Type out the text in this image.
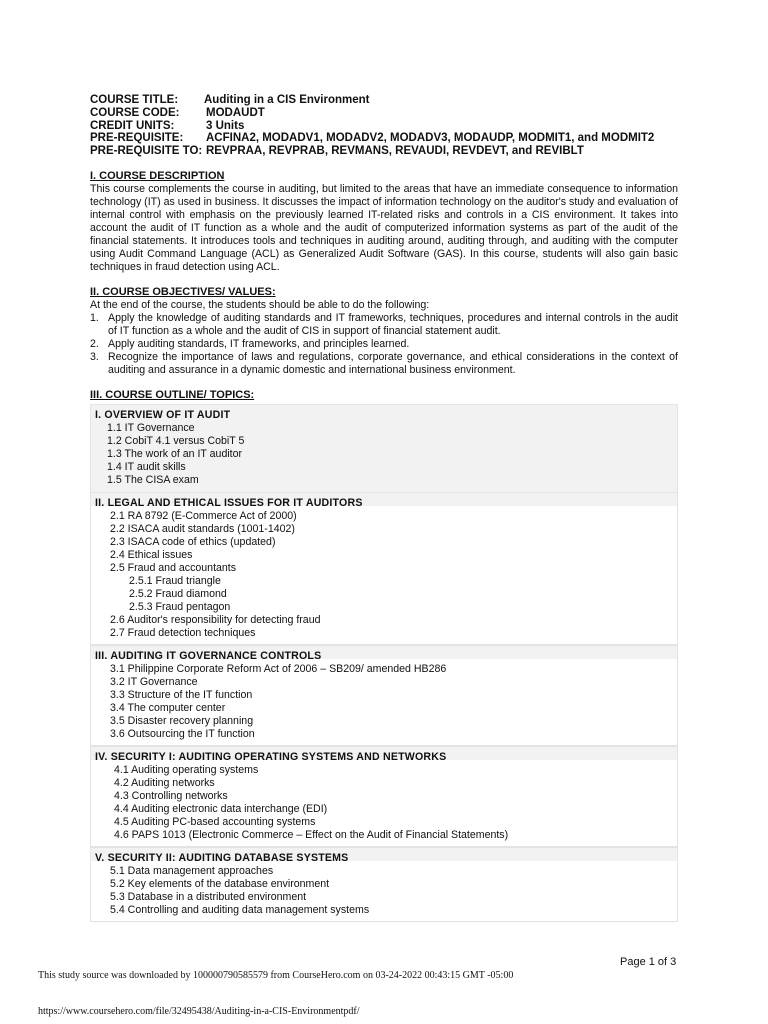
COURSE TITLE: Auditing in a CIS Environment
COURSE CODE: MODAUDT
CREDIT UNITS:	3 Units
PRE-REQUISITE: ACFINA2, MODADV1, MODADV2, MODADV3, MODAUDP, MODMIT1, and MODMIT2
PRE-REQUISITE TO: REVPRAA, REVPRAB, REVMANS, REVAUDI, REVDEVT, and REVIBLT
I. COURSE DESCRIPTION
This course complements the course in auditing, but limited to the areas that have an immediate consequence to information technology (IT) as used in business. It discusses the impact of information technology on the auditor's study and evaluation of internal control with emphasis on the previously learned IT-related risks and controls in a CIS environment. It takes into account the audit of IT function as a whole and the audit of computerized information systems as part of the audit of the financial statements. It introduces tools and techniques in auditing around, auditing through, and auditing with the computer using Audit Command Language (ACL) as Generalized Audit Software (GAS). In this course, students will also gain basic techniques in fraud detection using ACL.
II. COURSE OBJECTIVES/ VALUES:
At the end of the course, the students should be able to do the following:
1. Apply the knowledge of auditing standards and IT frameworks, techniques, procedures and internal controls in the audit of IT function as a whole and the audit of CIS in support of financial statement audit.
2. Apply auditing standards, IT frameworks, and principles learned.
3. Recognize the importance of laws and regulations, corporate governance, and ethical considerations in the context of auditing and assurance in a dynamic domestic and international business environment.
III. COURSE OUTLINE/ TOPICS:
I. OVERVIEW OF IT AUDIT
1.1 IT Governance
1.2 CobiT 4.1 versus CobiT 5
1.3 The work of an IT auditor
1.4 IT audit skills
1.5 The CISA exam
II. LEGAL AND ETHICAL ISSUES FOR IT AUDITORS
2.1 RA 8792 (E-Commerce Act of 2000)
2.2 ISACA audit standards (1001-1402)
2.3 ISACA code of ethics (updated)
2.4 Ethical issues
2.5 Fraud and accountants
2.5.1 Fraud triangle
2.5.2 Fraud diamond
2.5.3 Fraud pentagon
2.6 Auditor's responsibility for detecting fraud
2.7 Fraud detection techniques
III. AUDITING IT GOVERNANCE CONTROLS
3.1 Philippine Corporate Reform Act of 2006 – SB209/ amended HB286
3.2 IT Governance
3.3 Structure of the IT function
3.4 The computer center
3.5 Disaster recovery planning
3.6 Outsourcing the IT function
IV. SECURITY I: AUDITING OPERATING SYSTEMS AND NETWORKS
4.1 Auditing operating systems
4.2 Auditing networks
4.3 Controlling networks
4.4 Auditing electronic data interchange (EDI)
4.5 Auditing PC-based accounting systems
4.6 PAPS 1013 (Electronic Commerce – Effect on the Audit of Financial Statements)
V. SECURITY II: AUDITING DATABASE SYSTEMS
5.1 Data management approaches
5.2 Key elements of the database environment
5.3 Database in a distributed environment
5.4 Controlling and auditing data management systems
Page 1 of 3
This study source was downloaded by 100000790585579 from CourseHero.com on 03-24-2022 00:43:15 GMT -05:00
https://www.coursehero.com/file/32495438/Auditing-in-a-CIS-Environmentpdf/
